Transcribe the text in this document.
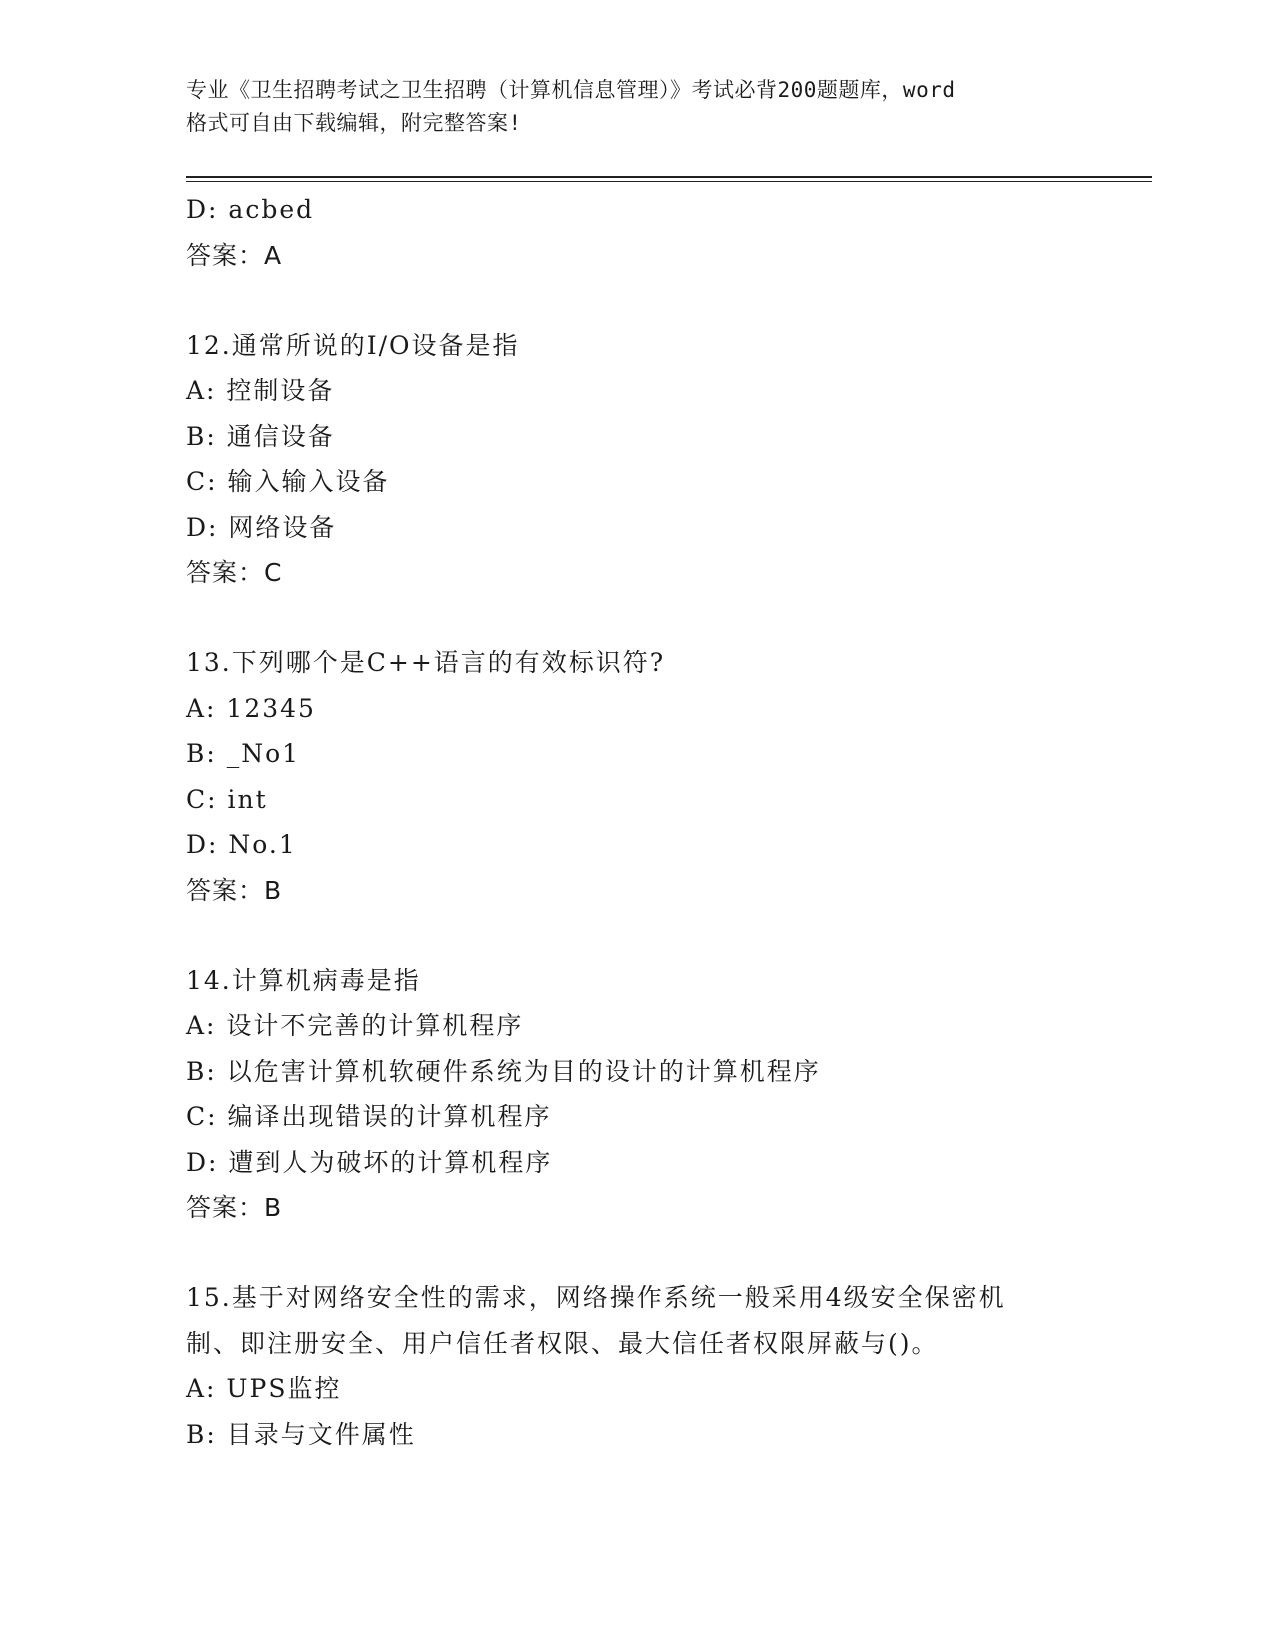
专业《卫生招聘考试之卫生招聘（计算机信息管理）》考试必背200题题库，word
格式可自由下载编辑，附完整答案!
D: acbed
答案：A
12.通常所说的I/O设备是指
A: 控制设备
B: 通信设备
C: 输入输入设备
D: 网络设备
答案：C
13.下列哪个是C++语言的有效标识符?
A: 12345
B: _No1
C: int
D: No.1
答案：B
14.计算机病毒是指
A: 设计不完善的计算机程序
B: 以危害计算机软硬件系统为目的设计的计算机程序
C: 编译出现错误的计算机程序
D: 遭到人为破坏的计算机程序
答案：B
15.基于对网络安全性的需求，网络操作系统一般采用4级安全保密机
制、即注册安全、用户信任者权限、最大信任者权限屏蔽与()。
A: UPS监控
B: 目录与文件属性
